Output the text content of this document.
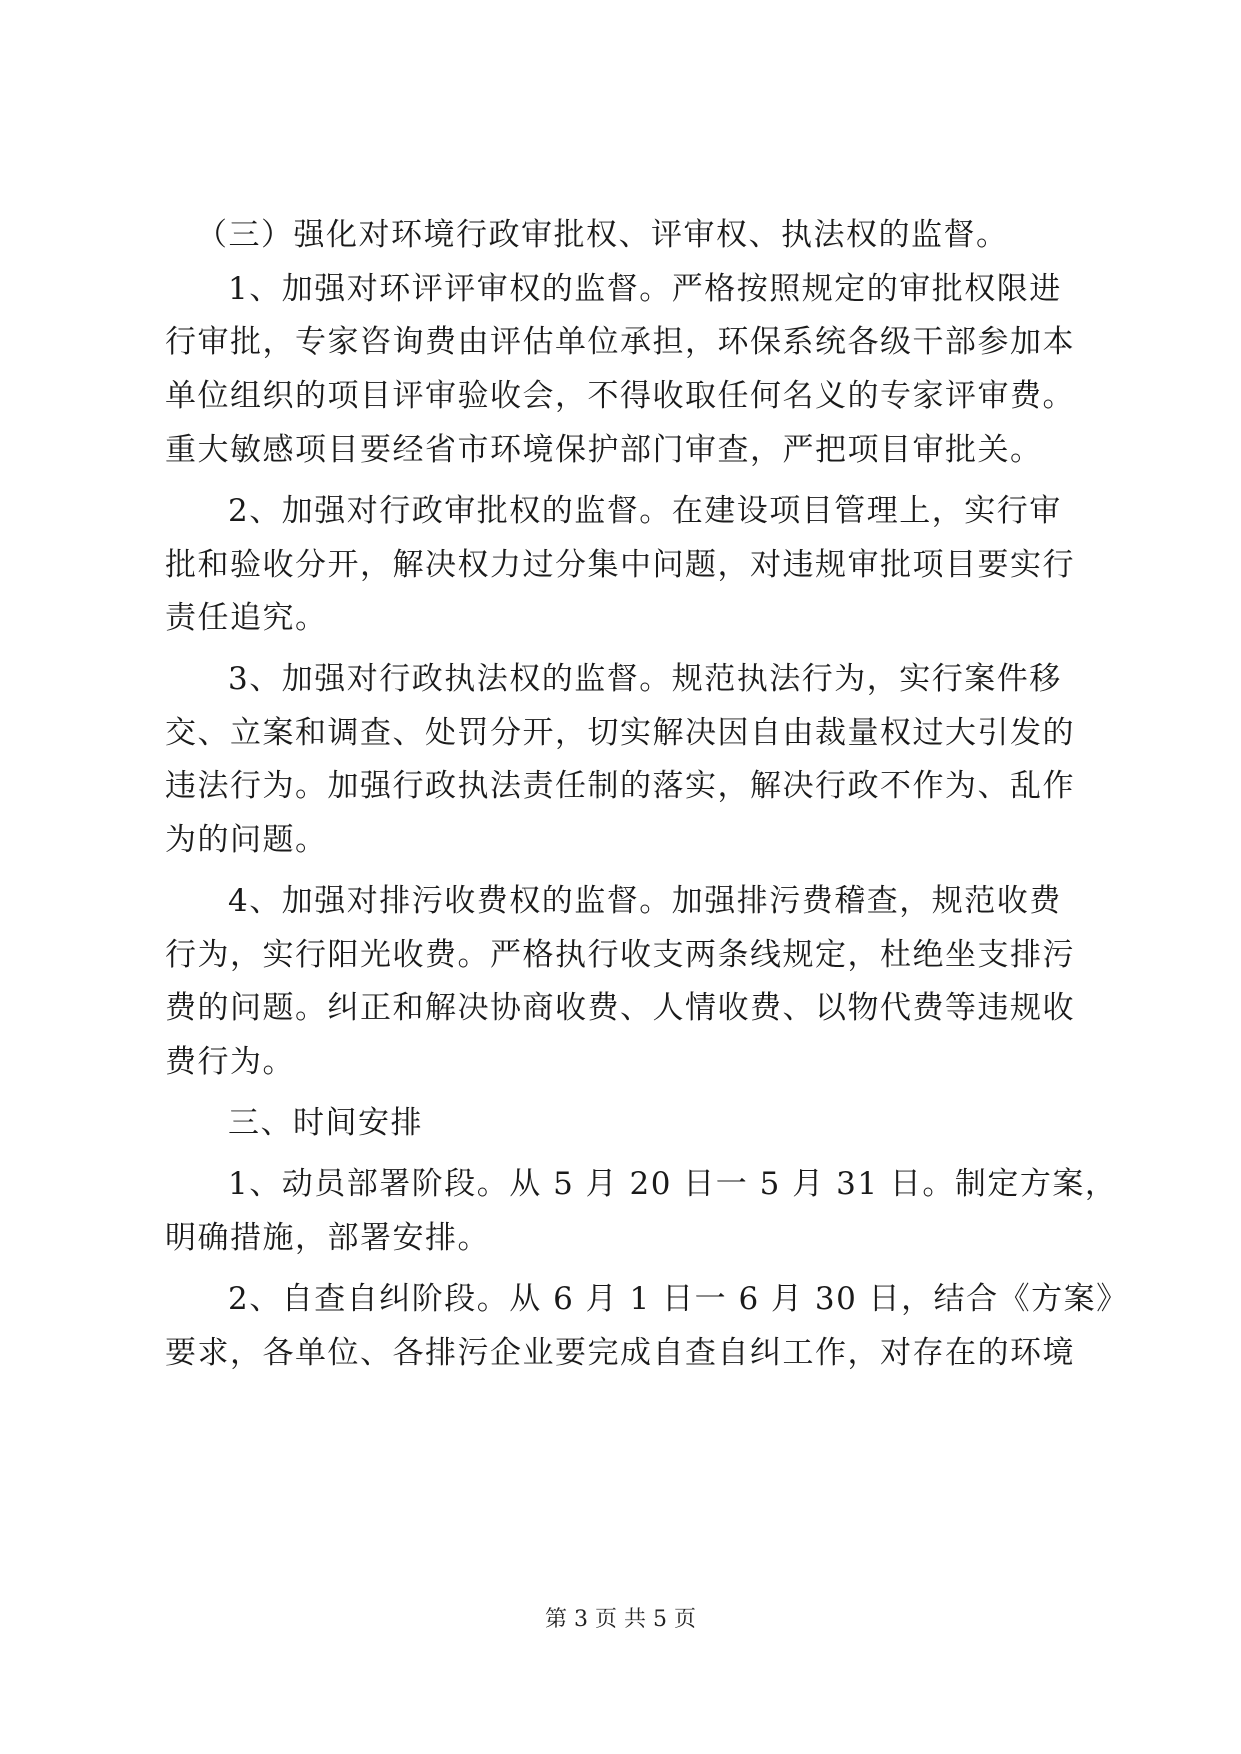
（三）强化对环境行政审批权、评审权、执法权的监督。
1、加强对环评评审权的监督。严格按照规定的审批权限进
行审批，专家咨询费由评估单位承担，环保系统各级干部参加本
单位组织的项目评审验收会，不得收取任何名义的专家评审费。
重大敏感项目要经省市环境保护部门审查，严把项目审批关。
2、加强对行政审批权的监督。在建设项目管理上，实行审
批和验收分开，解决权力过分集中问题，对违规审批项目要实行
责任追究。
3、加强对行政执法权的监督。规范执法行为，实行案件移
交、立案和调查、处罚分开，切实解决因自由裁量权过大引发的
违法行为。加强行政执法责任制的落实，解决行政不作为、乱作
为的问题。
4、加强对排污收费权的监督。加强排污费稽查，规范收费
行为，实行阳光收费。严格执行收支两条线规定，杜绝坐支排污
费的问题。纠正和解决协商收费、人情收费、以物代费等违规收
费行为。
三、时间安排
1、动员部署阶段。从 5 月 20 日一 5 月 31 日。制定方案，
明确措施，部署安排。
2、自查自纠阶段。从 6 月 1 日一 6 月 30 日，结合《方案》
要求，各单位、各排污企业要完成自查自纠工作，对存在的环境
第 3 页 共 5 页
